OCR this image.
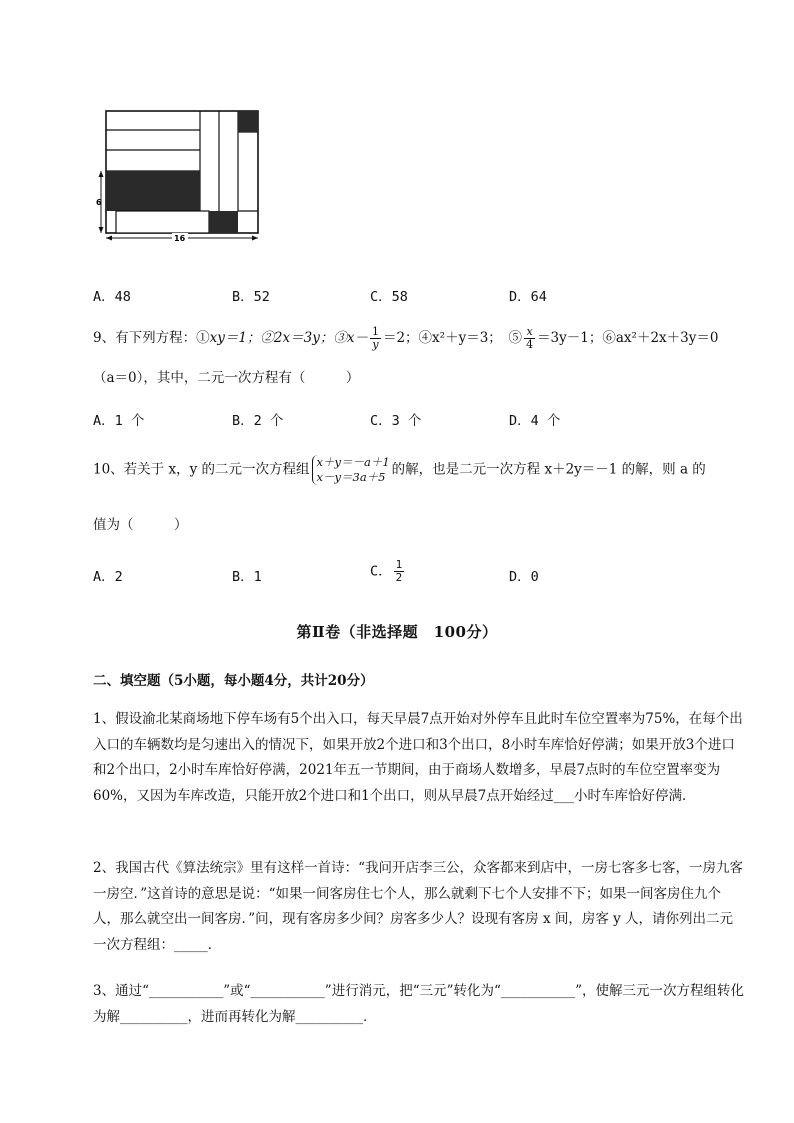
6
16
A．48	B．52	C．58	D．64
9、有下列方程：①xy＝1；②2x＝3y；③x－ $\frac{1}{y} =2$；④x²＋y＝3；　⑤ $\frac{x}{4} =3y-1$；⑥ax²＋2x＋3y＝0
（a＝0），其中，二元一次方程有（　　　）
A．1 个	B．2 个	C．3 个	D．4 个
10、若关于 x，y 的二元一次方程组 x＋y＝－a＋1
x－y＝3a＋5 的解，也是二元一次方程 x＋2y＝－1 的解，则 a 的
值为（　　　）
A．2	B．1	C． $\frac{1}{2}$	D．0
第Ⅱ卷（非选择题　100分）
二、填空题（5小题，每小题4分，共计20分）
1、假设渝北某商场地下停车场有5个出入口，每天早晨7点开始对外停车且此时车位空置率为75%，在每个出入口的车辆数均是匀速出入的情况下，如果开放2个进口和3个出口，8小时车库恰好停满；如果开放3个进口和2个出口，2小时车库恰好停满，2021年五一节期间，由于商场人数增多，早晨7点时的车位空置率变为60%，又因为车库改造，只能开放2个进口和1个出口，则从早晨7点开始经过___小时车库恰好停满．
2、我国古代《算法统宗》里有这样一首诗：“我问开店李三公，众客都来到店中，一房七客多七客，一房九客一房空．”这首诗的意思是说：“如果一间客房住七个人，那么就剩下七个人安排不下；如果一间客房住九个人，那么就空出一间客房．”问，现有客房多少间？房客多少人？设现有客房 x 间，房客 y 人，请你列出二元一次方程组：_____．
3、通过“___________”或“___________”进行消元，把“三元”转化为“___________”，使解三元一次方程组转化为解__________，进而再转化为解__________．
